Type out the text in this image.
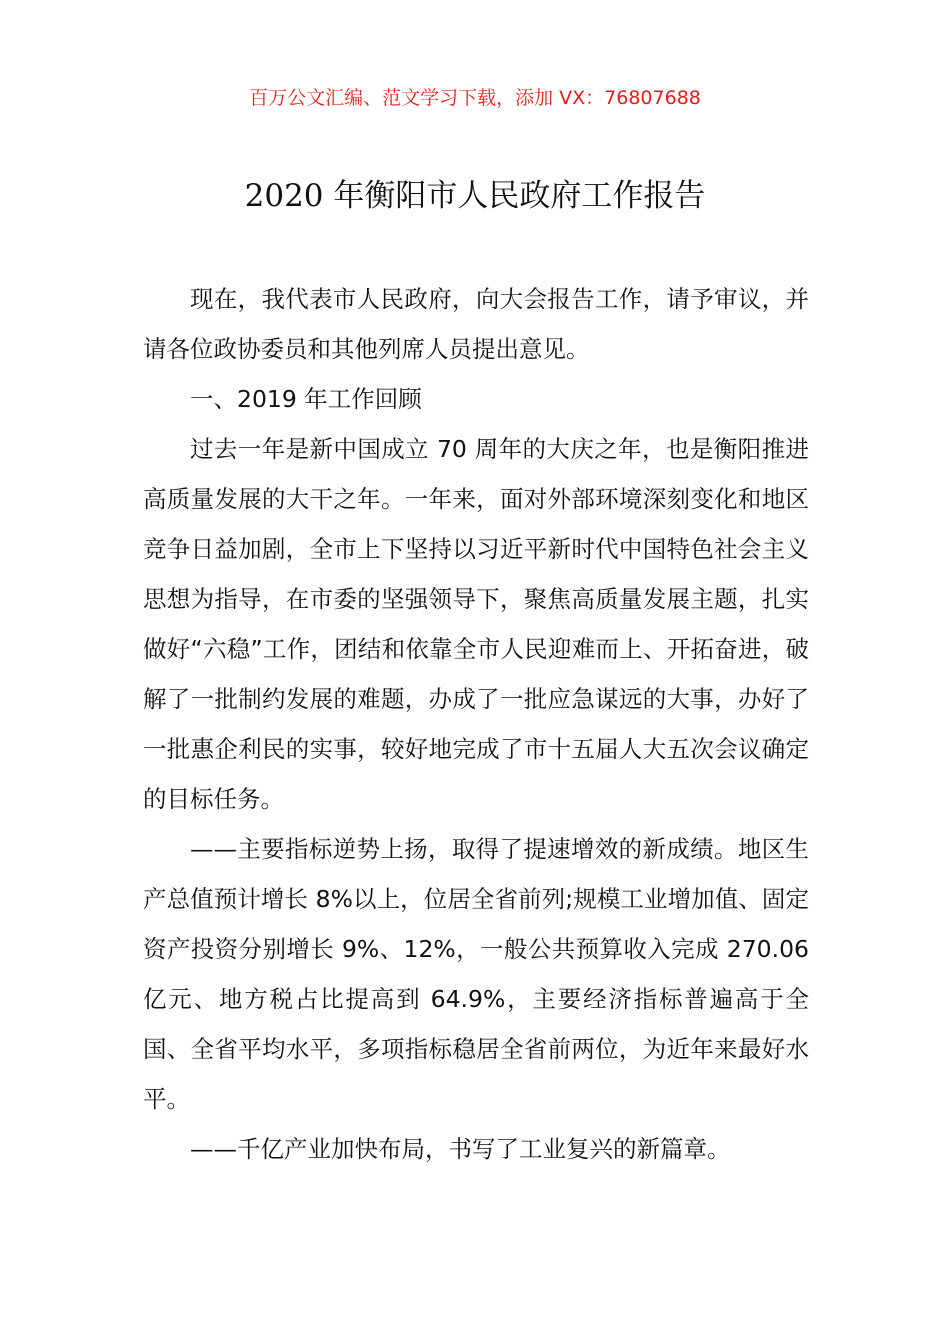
百万公文汇编、范文学习下载，添加 VX：76807688
2020 年衡阳市人民政府工作报告

现在，我代表市人民政府，向大会报告工作，请予审议，并请各位政协委员和其他列席人员提出意见。

一、2019 年工作回顾

过去一年是新中国成立 70 周年的大庆之年，也是衡阳推进高质量发展的大干之年。一年来，面对外部环境深刻变化和地区竞争日益加剧，全市上下坚持以习近平新时代中国特色社会主义思想为指导，在市委的坚强领导下，聚焦高质量发展主题，扎实做好“六稳”工作，团结和依靠全市人民迎难而上、开拓奋进，破解了一批制约发展的难题，办成了一批应急谋远的大事，办好了一批惠企利民的实事，较好地完成了市十五届人大五次会议确定的目标任务。

——主要指标逆势上扬，取得了提速增效的新成绩。地区生产总值预计增长 8%以上，位居全省前列;规模工业增加值、固定资产投资分别增长 9%、12%，一般公共预算收入完成 270.06 亿元、地方税占比提高到 64.9%，主要经济指标普遍高于全国、全省平均水平，多项指标稳居全省前两位，为近年来最好水平。

——千亿产业加快布局，书写了工业复兴的新篇章。
